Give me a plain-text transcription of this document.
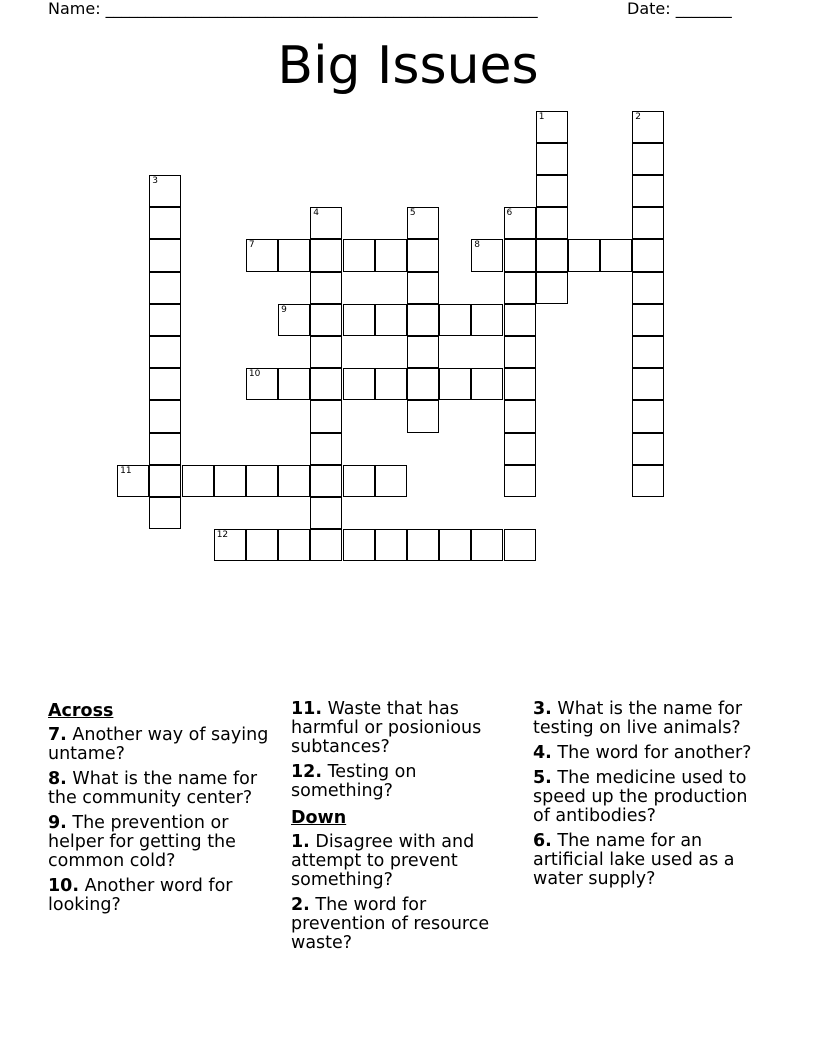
Name: ______________________________________________________	Date: _______
Big Issues
1	2
3
4	5	6
7	8
9
10
11
12
Across
7. Another way of saying untame?
8. What is the name for the community center?
9. The prevention or helper for getting the common cold?
10. Another word for looking?
11. Waste that has harmful or posionious subtances?
12. Testing on something?
Down
1. Disagree with and attempt to prevent something?
2. The word for prevention of resource waste?
3. What is the name for testing on live animals?
4. The word for another?
5. The medicine used to speed up the production of antibodies?
6. The name for an artificial lake used as a water supply?
